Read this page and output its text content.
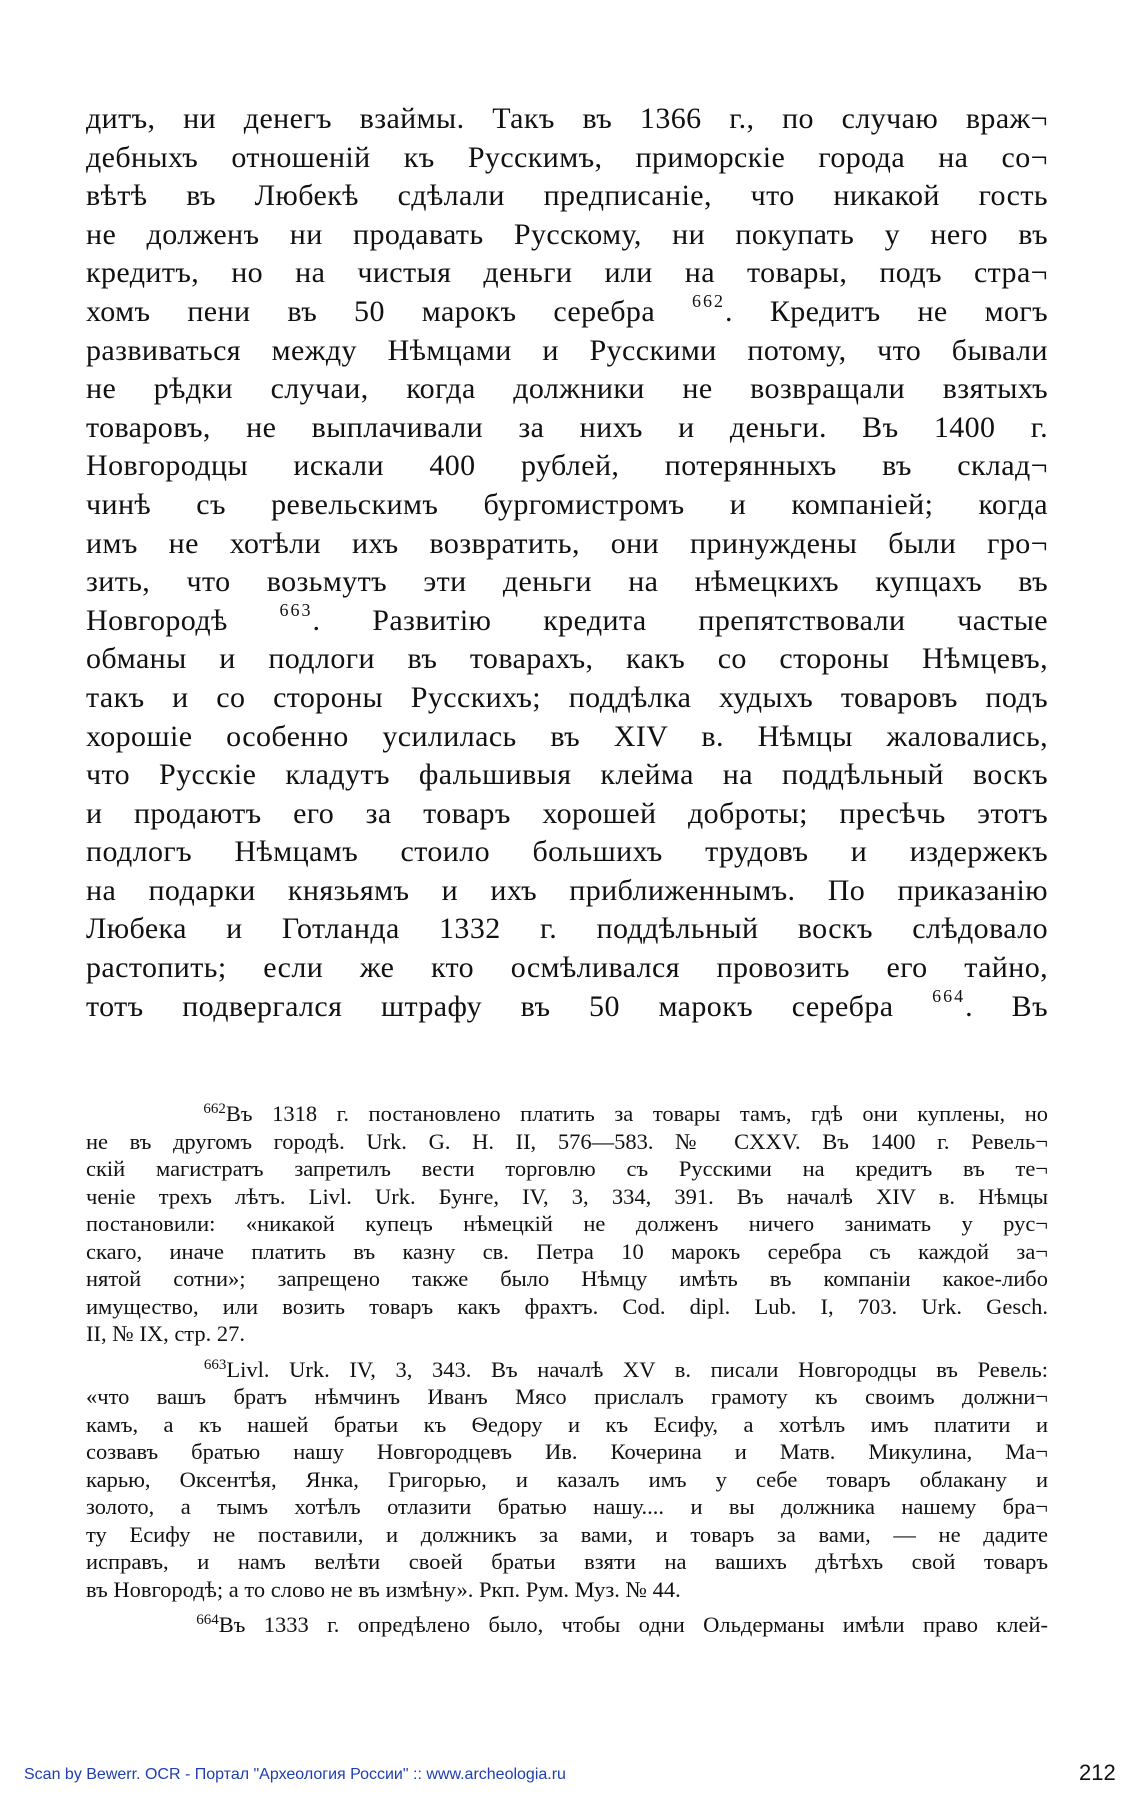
дитъ, ни денегъ взаймы. Такъ въ 1366 г., по случаю враж¬
дебныхъ отношеній къ Русскимъ, приморскіе города на со¬
вѣтѣ въ Любекѣ сдѣлали предписаніе, что никакой гость
не долженъ ни продавать Русскому, ни покупать у него въ
кредитъ, но на чистыя деньги или на товары, подъ стра¬
хомъ пени въ 50 марокъ серебра $^{662}$. Кредитъ не могъ
развиваться между Нѣмцами и Русскими потому, что бывали
не рѣдки случаи, когда должники не возвращали взятыхъ
товаровъ, не выплачивали за нихъ и деньги. Въ 1400 г.
Новгородцы искали 400 рублей, потерянныхъ въ склад¬
чинѣ съ ревельскимъ бургомистромъ и компаніей; когда
имъ не хотѣли ихъ возвратить, они принуждены были гро¬
зить, что возьмутъ эти деньги на нѣмецкихъ купцахъ въ
Новгородѣ $^{663}$. Развитію кредита препятствовали частые
обманы и подлоги въ товарахъ, какъ со стороны Нѣмцевъ,
такъ и со стороны Русскихъ; поддѣлка худыхъ товаровъ подъ
хорошіе особенно усилилась въ XIV в. Нѣмцы жаловались,
что Русскіе кладутъ фальшивыя клейма на поддѣльный воскъ
и продаютъ его за товаръ хорошей доброты; пресѣчь этотъ
подлогъ Нѣмцамъ стоило большихъ трудовъ и издержекъ
на подарки князьямъ и ихъ приближеннымъ. По приказанію
Любека и Готланда 1332 г. поддѣльный воскъ слѣдовало
растопить; если же кто осмѣливался провозить его тайно,
тотъ подвергался штрафу въ 50 марокъ серебра $^{664}$. Въ
$^{662}$Въ 1318 г. постановлено платить за товары тамъ, гдѣ они куплены, но
не въ другомъ городѣ. Urk. G. H. II, 576—583. № CXXV. Въ 1400 г. Ревель¬
скій магистратъ запретилъ вести торговлю съ Русскими на кредитъ въ те¬
ченіе трехъ лѣтъ. Livl. Urk. Бунге, IV, 3, 334, 391. Въ началѣ XIV в. Нѣмцы
постановили: «никакой купецъ нѣмецкій не долженъ ничего занимать у рус¬
скаго, иначе платить въ казну св. Петра 10 марокъ серебра съ каждой за¬
нятой сотни»; запрещено также было Нѣмцу имѣть въ компаніи какое-либо
имущество, или возить товаръ какъ фрахтъ. Cod. dipl. Lub. I, 703. Urk. Gesch.
II, № IX, стр. 27.
$^{663}$Livl. Urk. IV, 3, 343. Въ началѣ XV в. писали Новгородцы въ Ревель:
«что вашъ братъ нѣмчинъ Иванъ Мясо прислалъ грамоту къ своимъ должни¬
камъ, а къ нашей братьи къ Ѳедору и къ Есифу, а хотѣлъ имъ платити и
созвавъ братью нашу Новгородцевъ Ив. Кочерина и Матв. Микулина, Ма¬
карью, Оксентѣя, Янка, Григорью, и казалъ имъ у себе товаръ облакану и
золото, а тымъ хотѣлъ отлазити братью нашу.... и вы должника нашему бра¬
ту Есифу не поставили, и должникъ за вами, и товаръ за вами, — не дадите
исправъ, и намъ велѣти своей братьи взяти на вашихъ дѣтѣхъ свой товаръ
въ Новгородѣ; а то слово не въ измѣну». Ркп. Рум. Муз. № 44.
$^{664}$Въ 1333 г. опредѣлено было, чтобы одни Ольдерманы имѣли право клей-
Scan by Bewerr. OCR - Портал "Археология России" :: www.archeologia.ru	212
